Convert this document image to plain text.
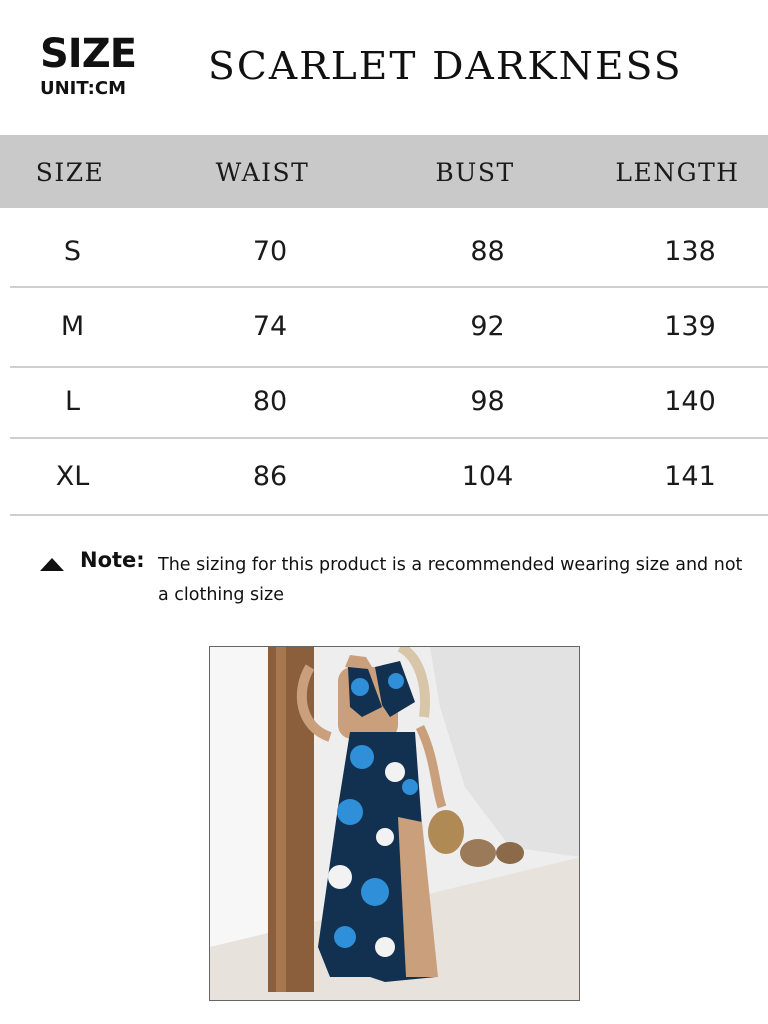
SIZE
UNIT:CM
SCARLET DARKNESS
SIZE	WAIST	BUST	LENGTH
S	70	88	138
M	74	92	139
L	80	98	140
XL	86	104	141
Note: The sizing for this product is a recommended wearing size and not a clothing size
